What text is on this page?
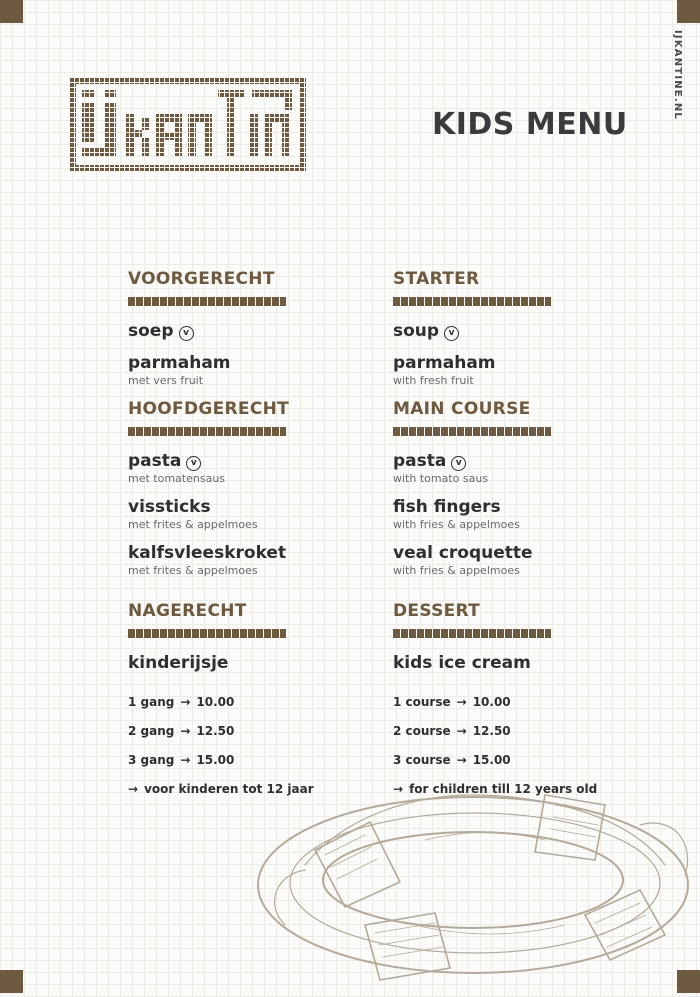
IJKANTINE.NL
KIDS MENU
VOORGERECHT
soep v
parmaham
met vers fruit
HOOFDGERECHT
pasta v
met tomatensaus
vissticks
met frites & appelmoes
kalfsvleeskroket
met frites & appelmoes
NAGERECHT
kinderijsje
1 gang → 10.00
2 gang → 12.50
3 gang → 15.00
→ voor kinderen tot 12 jaar
STARTER
soup v
parmaham
with fresh fruit
MAIN COURSE
pasta v
with tomato saus
fish fingers
with fries & appelmoes
veal croquette
with fries & appelmoes
DESSERT
kids ice cream
1 course → 10.00
2 course → 12.50
3 course → 15.00
→ for children till 12 years old
